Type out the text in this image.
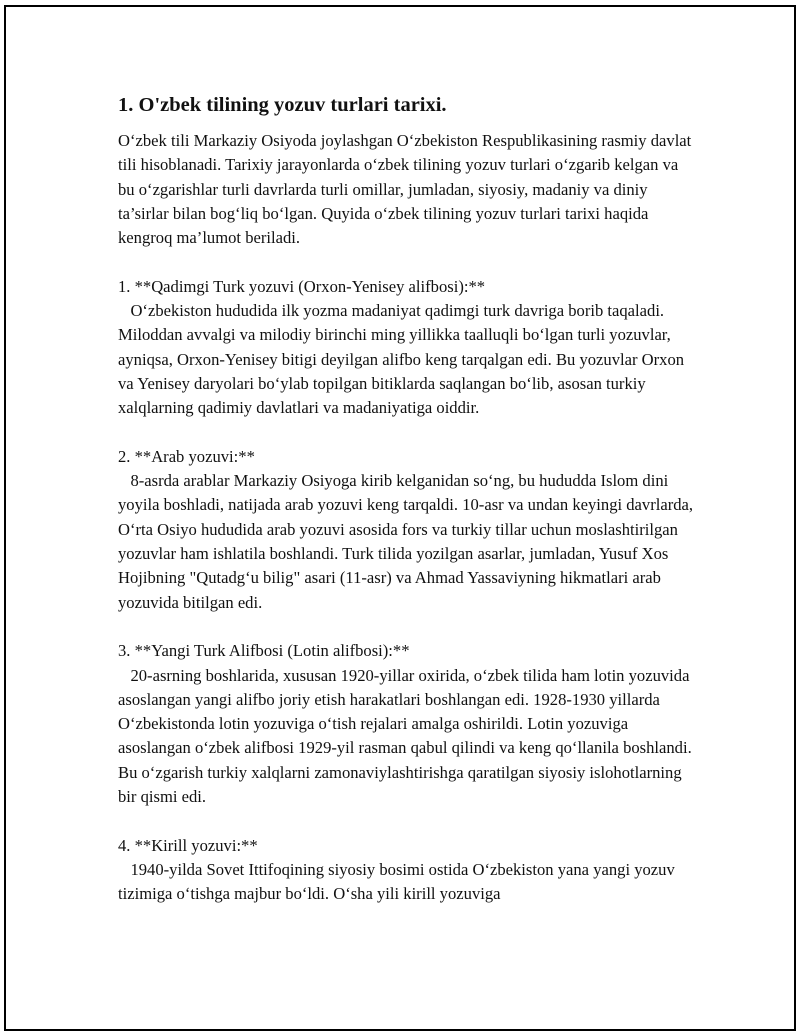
1. O'zbek tilining yozuv turlari tarixi.

O‘zbek tili Markaziy Osiyoda joylashgan O‘zbekiston Respublikasining rasmiy davlat tili hisoblanadi. Tarixiy jarayonlarda o‘zbek tilining yozuv turlari o‘zgarib kelgan va bu o‘zgarishlar turli davrlarda turli omillar, jumladan, siyosiy, madaniy va diniy ta’sirlar bilan bog‘liq bo‘lgan. Quyida o‘zbek tilining yozuv turlari tarixi haqida kengroq ma’lumot beriladi.

1. **Qadimgi Turk yozuvi (Orxon-Yenisey alifbosi):**

O‘zbekiston hududida ilk yozma madaniyat qadimgi turk davriga borib taqaladi. Miloddan avvalgi va milodiy birinchi ming yillikka taalluqli bo‘lgan turli yozuvlar, ayniqsa, Orxon-Yenisey bitigi deyilgan alifbo keng tarqalgan edi. Bu yozuvlar Orxon va Yenisey daryolari bo‘ylab topilgan bitiklarda saqlangan bo‘lib, asosan turkiy xalqlarning qadimiy davlatlari va madaniyatiga oiddir.

2. **Arab yozuvi:**

8-asrda arablar Markaziy Osiyoga kirib kelganidan so‘ng, bu hududda Islom dini yoyila boshladi, natijada arab yozuvi keng tarqaldi. 10-asr va undan keyingi davrlarda, O‘rta Osiyo hududida arab yozuvi asosida fors va turkiy tillar uchun moslashtirilgan yozuvlar ham ishlatila boshlandi. Turk tilida yozilgan asarlar, jumladan, Yusuf Xos Hojibning "Qutadg‘u bilig" asari (11-asr) va Ahmad Yassaviyning hikmatlari arab yozuvida bitilgan edi.

3. **Yangi Turk Alifbosi (Lotin alifbosi):**

20-asrning boshlarida, xususan 1920-yillar oxirida, o‘zbek tilida ham lotin yozuvida asoslangan yangi alifbo joriy etish harakatlari boshlangan edi. 1928-1930 yillarda O‘zbekistonda lotin yozuviga o‘tish rejalari amalga oshirildi. Lotin yozuviga asoslangan o‘zbek alifbosi 1929-yil rasman qabul qilindi va keng qo‘llanila boshlandi. Bu o‘zgarish turkiy xalqlarni zamonaviylashtirishga qaratilgan siyosiy islohotlarning bir qismi edi.

4. **Kirill yozuvi:**

1940-yilda Sovet Ittifoqining siyosiy bosimi ostida O‘zbekiston yana yangi yozuv tizimiga o‘tishga majbur bo‘ldi. O‘sha yili kirill yozuviga
